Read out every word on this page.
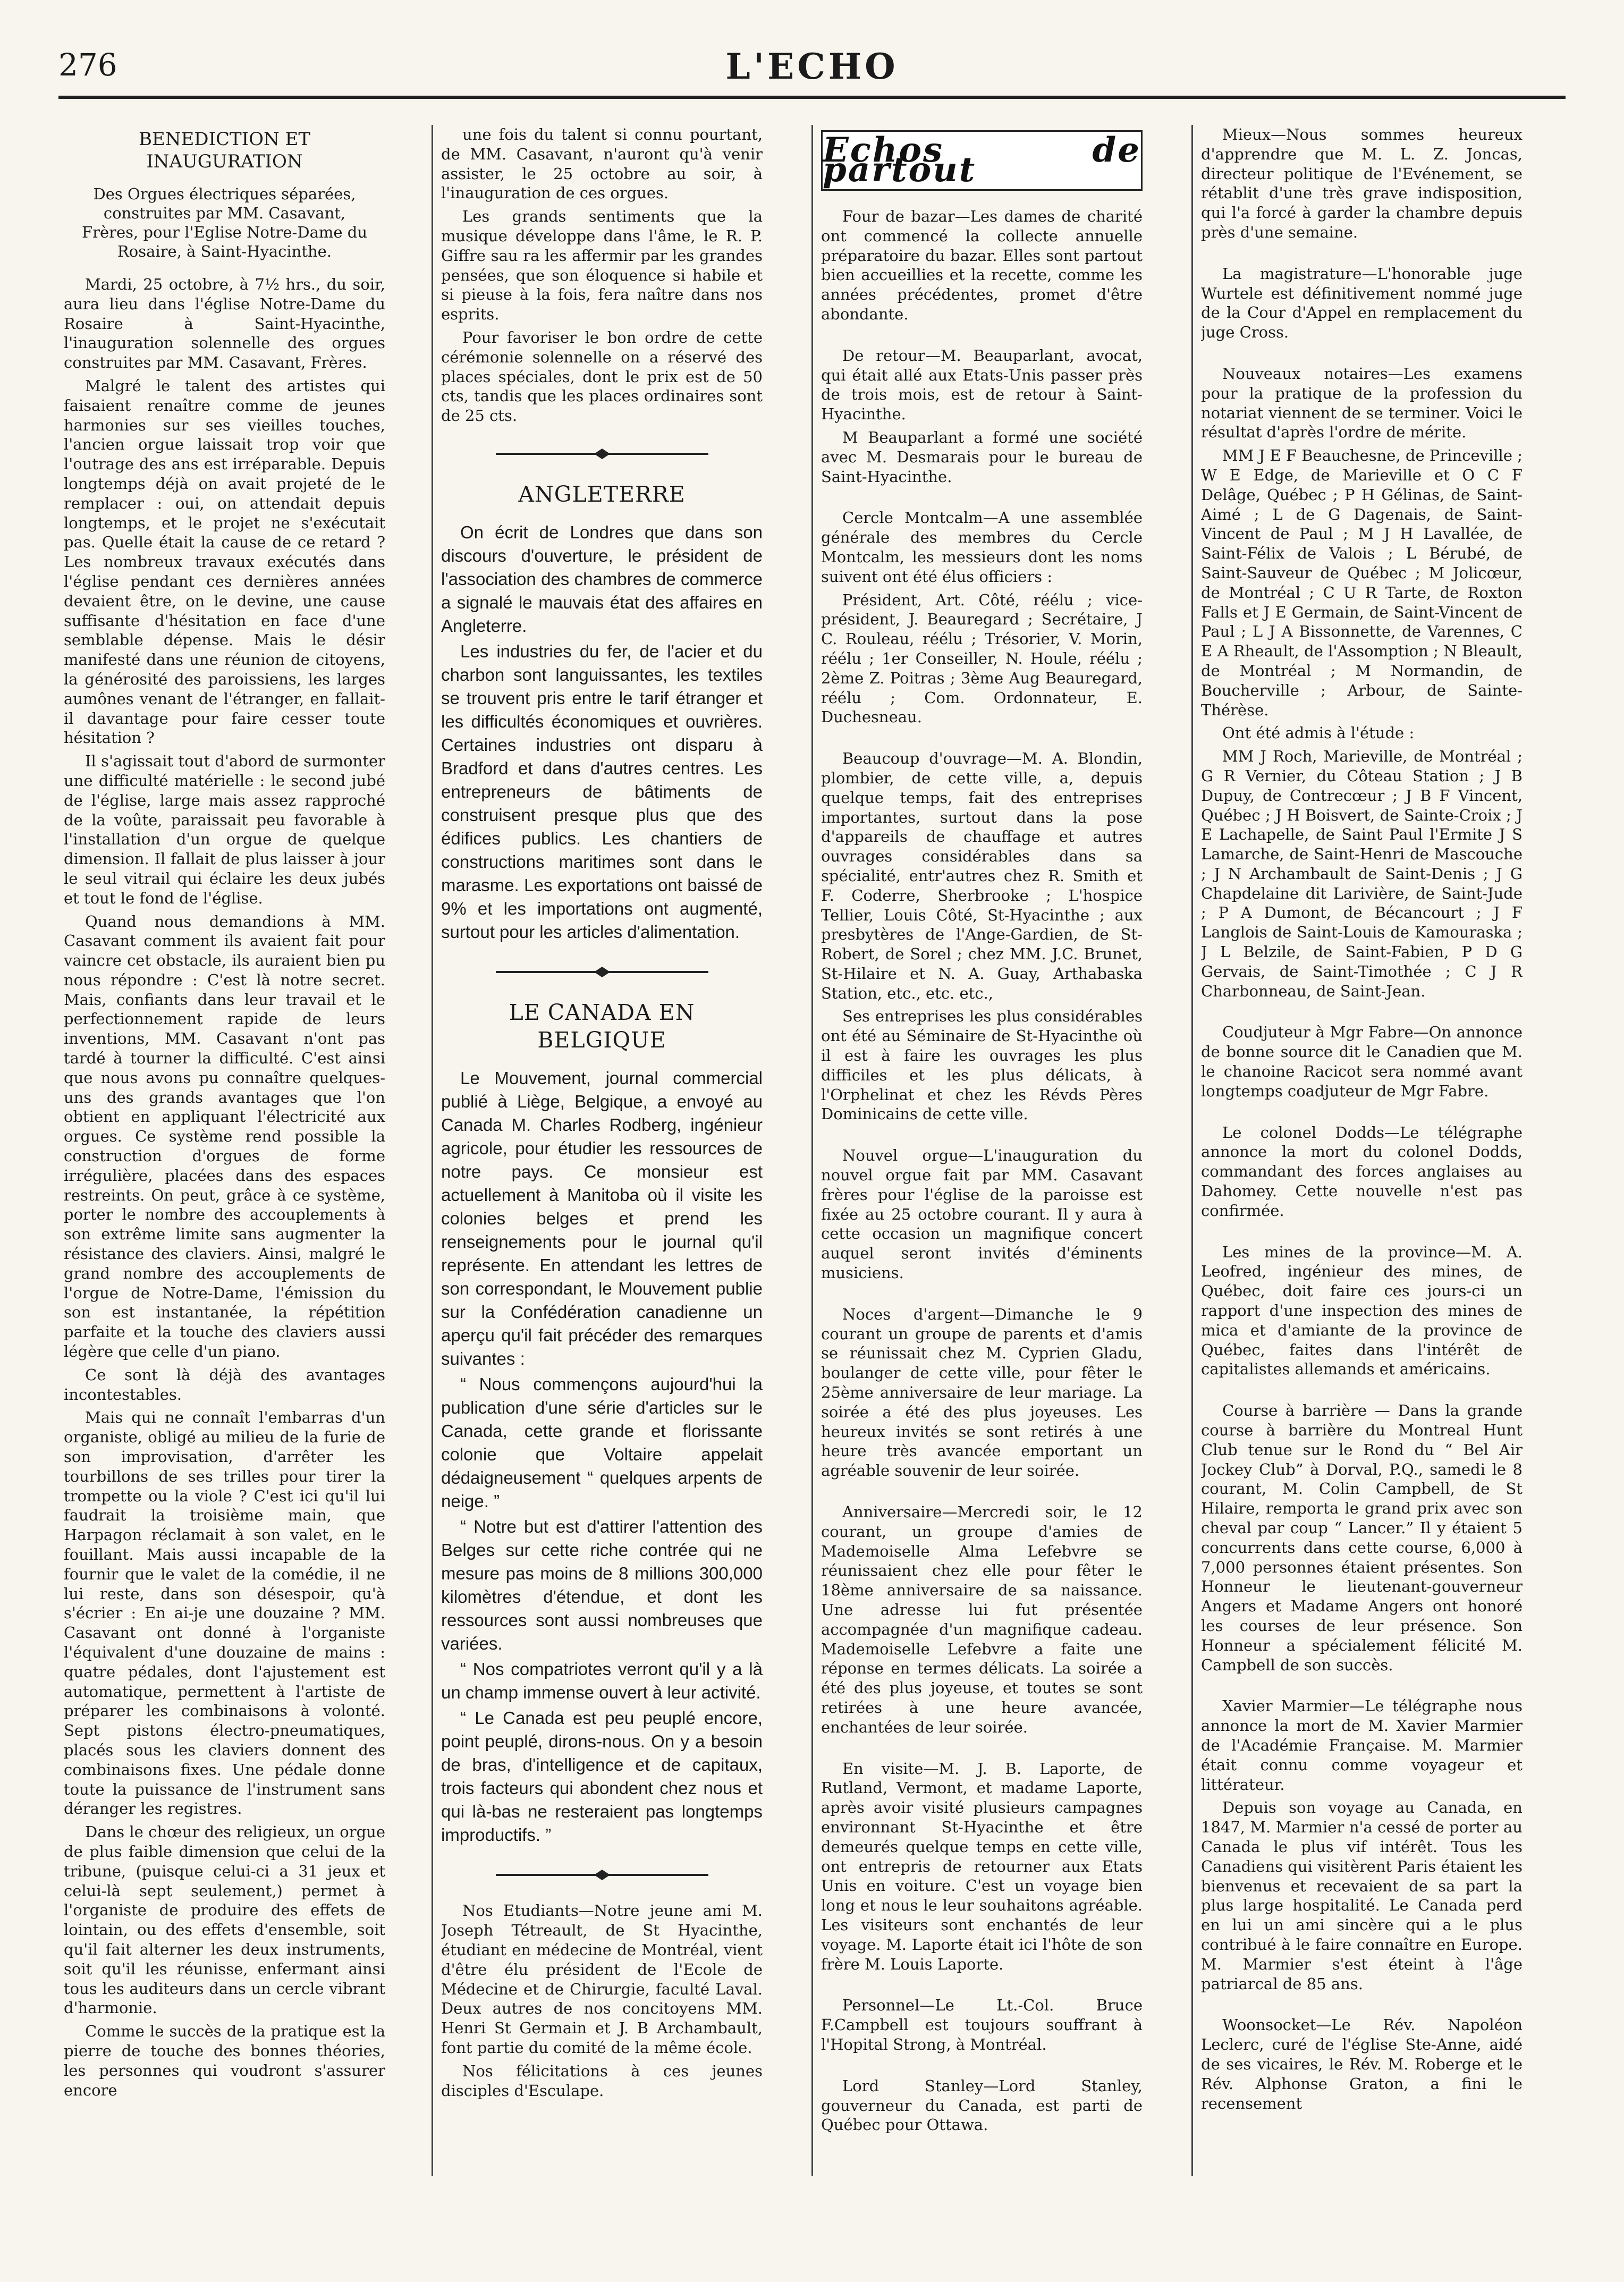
276	L'ECHO
BENEDICTION ET INAUGURATION
Des Orgues électriques séparées, construites par MM. Casavant, Frères, pour l'Eglise Notre-Dame du Rosaire, à Saint-Hyacinthe.

Mardi, 25 octobre, à 7½ hrs., du soir, aura lieu dans l'église Notre-Dame du Rosaire à Saint-Hyacinthe, l'inauguration solennelle des orgues construites par MM. Casavant, Frères.

Malgré le talent des artistes qui faisaient renaître comme de jeunes harmonies sur ses vieilles touches, l'ancien orgue laissait trop voir que l'outrage des ans est irréparable. Depuis longtemps déjà on avait projeté de le remplacer : oui, on attendait depuis longtemps, et le projet ne s'exécutait pas. Quelle était la cause de ce retard ? Les nombreux travaux exécutés dans l'église pendant ces dernières années devaient être, on le devine, une cause suffisante d'hésitation en face d'une semblable dépense. Mais le désir manifesté dans une réunion de citoyens, la générosité des paroissiens, les larges aumônes venant de l'étranger, en fallait-il davantage pour faire cesser toute hésitation ?

Il s'agissait tout d'abord de surmonter une difficulté matérielle : le second jubé de l'église, large mais assez rapproché de la voûte, paraissait peu favorable à l'installation d'un orgue de quelque dimension. Il fallait de plus laisser à jour le seul vitrail qui éclaire les deux jubés et tout le fond de l'église.

Quand nous demandions à MM. Casavant comment ils avaient fait pour vaincre cet obstacle, ils auraient bien pu nous répondre : C'est là notre secret. Mais, confiants dans leur travail et le perfectionnement rapide de leurs inventions, MM. Casavant n'ont pas tardé à tourner la difficulté. C'est ainsi que nous avons pu connaître quelques-uns des grands avantages que l'on obtient en appliquant l'électricité aux orgues. Ce système rend possible la construction d'orgues de forme irrégulière, placées dans des espaces restreints. On peut, grâce à ce système, porter le nombre des accouplements à son extrême limite sans augmenter la résistance des claviers. Ainsi, malgré le grand nombre des accouplements de l'orgue de Notre-Dame, l'émission du son est instantanée, la répétition parfaite et la touche des claviers aussi légère que celle d'un piano.

Ce sont là déjà des avantages incontestables.

Mais qui ne connaît l'embarras d'un organiste, obligé au milieu de la furie de son improvisation, d'arrêter les tourbillons de ses trilles pour tirer la trompette ou la viole ? C'est ici qu'il lui faudrait la troisième main, que Harpagon réclamait à son valet, en le fouillant. Mais aussi incapable de la fournir que le valet de la comédie, il ne lui reste, dans son désespoir, qu'à s'écrier : En ai-je une douzaine ? MM. Casavant ont donné à l'organiste l'équivalent d'une douzaine de mains : quatre pédales, dont l'ajustement est automatique, permettent à l'artiste de préparer les combinaisons à volonté. Sept pistons électro-pneumatiques, placés sous les claviers donnent des combinaisons fixes. Une pédale donne toute la puissance de l'instrument sans déranger les registres.

Dans le chœur des religieux, un orgue de plus faible dimension que celui de la tribune, (puisque celui-ci a 31 jeux et celui-là sept seulement,) permet à l'organiste de produire des effets de lointain, ou des effets d'ensemble, soit qu'il fait alterner les deux instruments, soit qu'il les réunisse, enfermant ainsi tous les auditeurs dans un cercle vibrant d'harmonie.

Comme le succès de la pratique est la pierre de touche des bonnes théories, les personnes qui voudront s'assurer encore

une fois du talent si connu pourtant, de MM. Casavant, n'auront qu'à venir assister, le 25 octobre au soir, à l'inauguration de ces orgues.

Les grands sentiments que la musique développe dans l'âme, le R. P. Giffre sau ra les affermir par les grandes pensées, que son éloquence si habile et si pieuse à la fois, fera naître dans nos esprits.

Pour favoriser le bon ordre de cette cérémonie solennelle on a réservé des places spéciales, dont le prix est de 50 cts, tandis que les places ordinaires sont de 25 cts.

ANGLETERRE

On écrit de Londres que dans son discours d'ouverture, le président de l'association des chambres de commerce a signalé le mauvais état des affaires en Angleterre.

Les industries du fer, de l'acier et du charbon sont languissantes, les textiles se trouvent pris entre le tarif étranger et les difficultés économiques et ouvrières. Certaines industries ont disparu à Bradford et dans d'autres centres. Les entrepreneurs de bâtiments de construisent presque plus que des édifices publics. Les chantiers de constructions maritimes sont dans le marasme. Les exportations ont baissé de 9% et les importations ont augmenté, surtout pour les articles d'alimentation.

LE CANADA EN BELGIQUE

Le Mouvement, journal commercial publié à Liège, Belgique, a envoyé au Canada M. Charles Rodberg, ingénieur agricole, pour étudier les ressources de notre pays. Ce monsieur est actuellement à Manitoba où il visite les colonies belges et prend les renseignements pour le journal qu'il représente. En attendant les lettres de son correspondant, le Mouvement publie sur la Confédération canadienne un aperçu qu'il fait précéder des remarques suivantes :

“ Nous commençons aujourd'hui la publication d'une série d'articles sur le Canada, cette grande et florissante colonie que Voltaire appelait dédaigneusement “ quelques arpents de neige. ”

“ Notre but est d'attirer l'attention des Belges sur cette riche contrée qui ne mesure pas moins de 8 millions 300,000 kilomètres d'étendue, et dont les ressources sont aussi nombreuses que variées.

“ Nos compatriotes verront qu'il y a là un champ immense ouvert à leur activité.

“ Le Canada est peu peuplé encore, point peuplé, dirons-nous. On y a besoin de bras, d'intelligence et de capitaux, trois facteurs qui abondent chez nous et qui là-bas ne resteraient pas longtemps improductifs. ”

Nos Etudiants—Notre jeune ami M. Joseph Tétreault, de St Hyacinthe, étudiant en médecine de Montréal, vient d'être élu président de l'Ecole de Médecine et de Chirurgie, faculté Laval. Deux autres de nos concitoyens MM. Henri St Germain et J. B Archambault, font partie du comité de la même école.

Nos félicitations à ces jeunes disciples d'Esculape.

Echos de partout

Four de bazar—Les dames de charité ont commencé la collecte annuelle préparatoire du bazar. Elles sont partout bien accueillies et la recette, comme les années précédentes, promet d'être abondante.

De retour—M. Beauparlant, avocat, qui était allé aux Etats-Unis passer près de trois mois, est de retour à Saint-Hyacinthe.

M Beauparlant a formé une société avec M. Desmarais pour le bureau de Saint-Hyacinthe.

Cercle Montcalm—A une assemblée générale des membres du Cercle Montcalm, les messieurs dont les noms suivent ont été élus officiers :

Président, Art. Côté, réélu ; vice-président, J. Beauregard ; Secrétaire, J C. Rouleau, réélu ; Trésorier, V. Morin, réélu ; 1er Conseiller, N. Houle, réélu ; 2ème Z. Poitras ; 3ème Aug Beauregard, réélu ; Com. Ordonnateur, E. Duchesneau.

Beaucoup d'ouvrage—M. A. Blondin, plombier, de cette ville, a, depuis quelque temps, fait des entreprises importantes, surtout dans la pose d'appareils de chauffage et autres ouvrages considérables dans sa spécialité, entr'autres chez R. Smith et F. Coderre, Sherbrooke ; L'hospice Tellier, Louis Côté, St-Hyacinthe ; aux presbytères de l'Ange-Gardien, de St-Robert, de Sorel ; chez MM. J.C. Brunet, St-Hilaire et N. A. Guay, Arthabaska Station, etc., etc. etc.,

Ses entreprises les plus considérables ont été au Séminaire de St-Hyacinthe où il est à faire les ouvrages les plus difficiles et les plus délicats, à l'Orphelinat et chez les Révds Pères Dominicains de cette ville.

Nouvel orgue—L'inauguration du nouvel orgue fait par MM. Casavant frères pour l'église de la paroisse est fixée au 25 octobre courant. Il y aura à cette occasion un magnifique concert auquel seront invités d'éminents musiciens.

Noces d'argent—Dimanche le 9 courant un groupe de parents et d'amis se réunissait chez M. Cyprien Gladu, boulanger de cette ville, pour fêter le 25ème anniversaire de leur mariage. La soirée a été des plus joyeuses. Les heureux invités se sont retirés à une heure très avancée emportant un agréable souvenir de leur soirée.

Anniversaire—Mercredi soir, le 12 courant, un groupe d'amies de Mademoiselle Alma Lefebvre se réunissaient chez elle pour fêter le 18ème anniversaire de sa naissance. Une adresse lui fut présentée accompagnée d'un magnifique cadeau. Mademoiselle Lefebvre a faite une réponse en termes délicats. La soirée a été des plus joyeuse, et toutes se sont retirées à une heure avancée, enchantées de leur soirée.

En visite—M. J. B. Laporte, de Rutland, Vermont, et madame Laporte, après avoir visité plusieurs campagnes environnant St-Hyacinthe et être demeurés quelque temps en cette ville, ont entrepris de retourner aux Etats Unis en voiture. C'est un voyage bien long et nous le leur souhaitons agréable. Les visiteurs sont enchantés de leur voyage. M. Laporte était ici l'hôte de son frère M. Louis Laporte.

Personnel—Le Lt.-Col. Bruce F.Campbell est toujours souffrant à l'Hopital Strong, à Montréal.

Lord Stanley—Lord Stanley, gouverneur du Canada, est parti de Québec pour Ottawa.

Mieux—Nous sommes heureux d'apprendre que M. L. Z. Joncas, directeur politique de l'Evénement, se rétablit d'une très grave indisposition, qui l'a forcé à garder la chambre depuis près d'une semaine.

La magistrature—L'honorable juge Wurtele est définitivement nommé juge de la Cour d'Appel en remplacement du juge Cross.

Nouveaux notaires—Les examens pour la pratique de la profession du notariat viennent de se terminer. Voici le résultat d'après l'ordre de mérite.

MM J E F Beauchesne, de Princeville ; W E Edge, de Marieville et O C F Delâge, Québec ; P H Gélinas, de Saint-Aimé ; L de G Dagenais, de Saint-Vincent de Paul ; M J H Lavallée, de Saint-Félix de Valois ; L Bérubé, de Saint-Sauveur de Québec ; M Jolicœur, de Montréal ; C U R Tarte, de Roxton Falls et J E Germain, de Saint-Vincent de Paul ; L J A Bissonnette, de Varennes, C E A Rheault, de l'Assomption ; N Bleault, de Montréal ; M Normandin, de Boucherville ; Arbour, de Sainte-Thérèse.

Ont été admis à l'étude :

MM J Roch, Marieville, de Montréal ; G R Vernier, du Côteau Station ; J B Dupuy, de Contrecœur ; J B F Vincent, Québec ; J H Boisvert, de Sainte-Croix ; J E Lachapelle, de Saint Paul l'Ermite J S Lamarche, de Saint-Henri de Mascouche ; J N Archambault de Saint-Denis ; J G Chapdelaine dit Larivière, de Saint-Jude ; P A Dumont, de Bécancourt ; J F Langlois de Saint-Louis de Kamouraska ; J L Belzile, de Saint-Fabien, P D G Gervais, de Saint-Timothée ; C J R Charbonneau, de Saint-Jean.

Coudjuteur à Mgr Fabre—On annonce de bonne source dit le Canadien que M. le chanoine Racicot sera nommé avant longtemps coadjuteur de Mgr Fabre.

Le colonel Dodds—Le télégraphe annonce la mort du colonel Dodds, commandant des forces anglaises au Dahomey. Cette nouvelle n'est pas confirmée.

Les mines de la province—M. A. Leofred, ingénieur des mines, de Québec, doit faire ces jours-ci un rapport d'une inspection des mines de mica et d'amiante de la province de Québec, faites dans l'intérêt de capitalistes allemands et américains.

Course à barrière — Dans la grande course à barrière du Montreal Hunt Club tenue sur le Rond du “ Bel Air Jockey Club” à Dorval, P.Q., samedi le 8 courant, M. Colin Campbell, de St Hilaire, remporta le grand prix avec son cheval par coup “ Lancer.” Il y étaient 5 concurrents dans cette course, 6,000 à 7,000 personnes étaient présentes. Son Honneur le lieutenant-gouverneur Angers et Madame Angers ont honoré les courses de leur présence. Son Honneur a spécialement félicité M. Campbell de son succès.

Xavier Marmier—Le télégraphe nous annonce la mort de M. Xavier Marmier de l'Académie Française. M. Marmier était connu comme voyageur et littérateur.

Depuis son voyage au Canada, en 1847, M. Marmier n'a cessé de porter au Canada le plus vif intérêt. Tous les Canadiens qui visitèrent Paris étaient les bienvenus et recevaient de sa part la plus large hospitalité. Le Canada perd en lui un ami sincère qui a le plus contribué à le faire connaître en Europe. M. Marmier s'est éteint à l'âge patriarcal de 85 ans.

Woonsocket—Le Rév. Napoléon Leclerc, curé de l'église Ste-Anne, aidé de ses vicaires, le Rév. M. Roberge et le Rév. Alphonse Graton, a fini le recensement
